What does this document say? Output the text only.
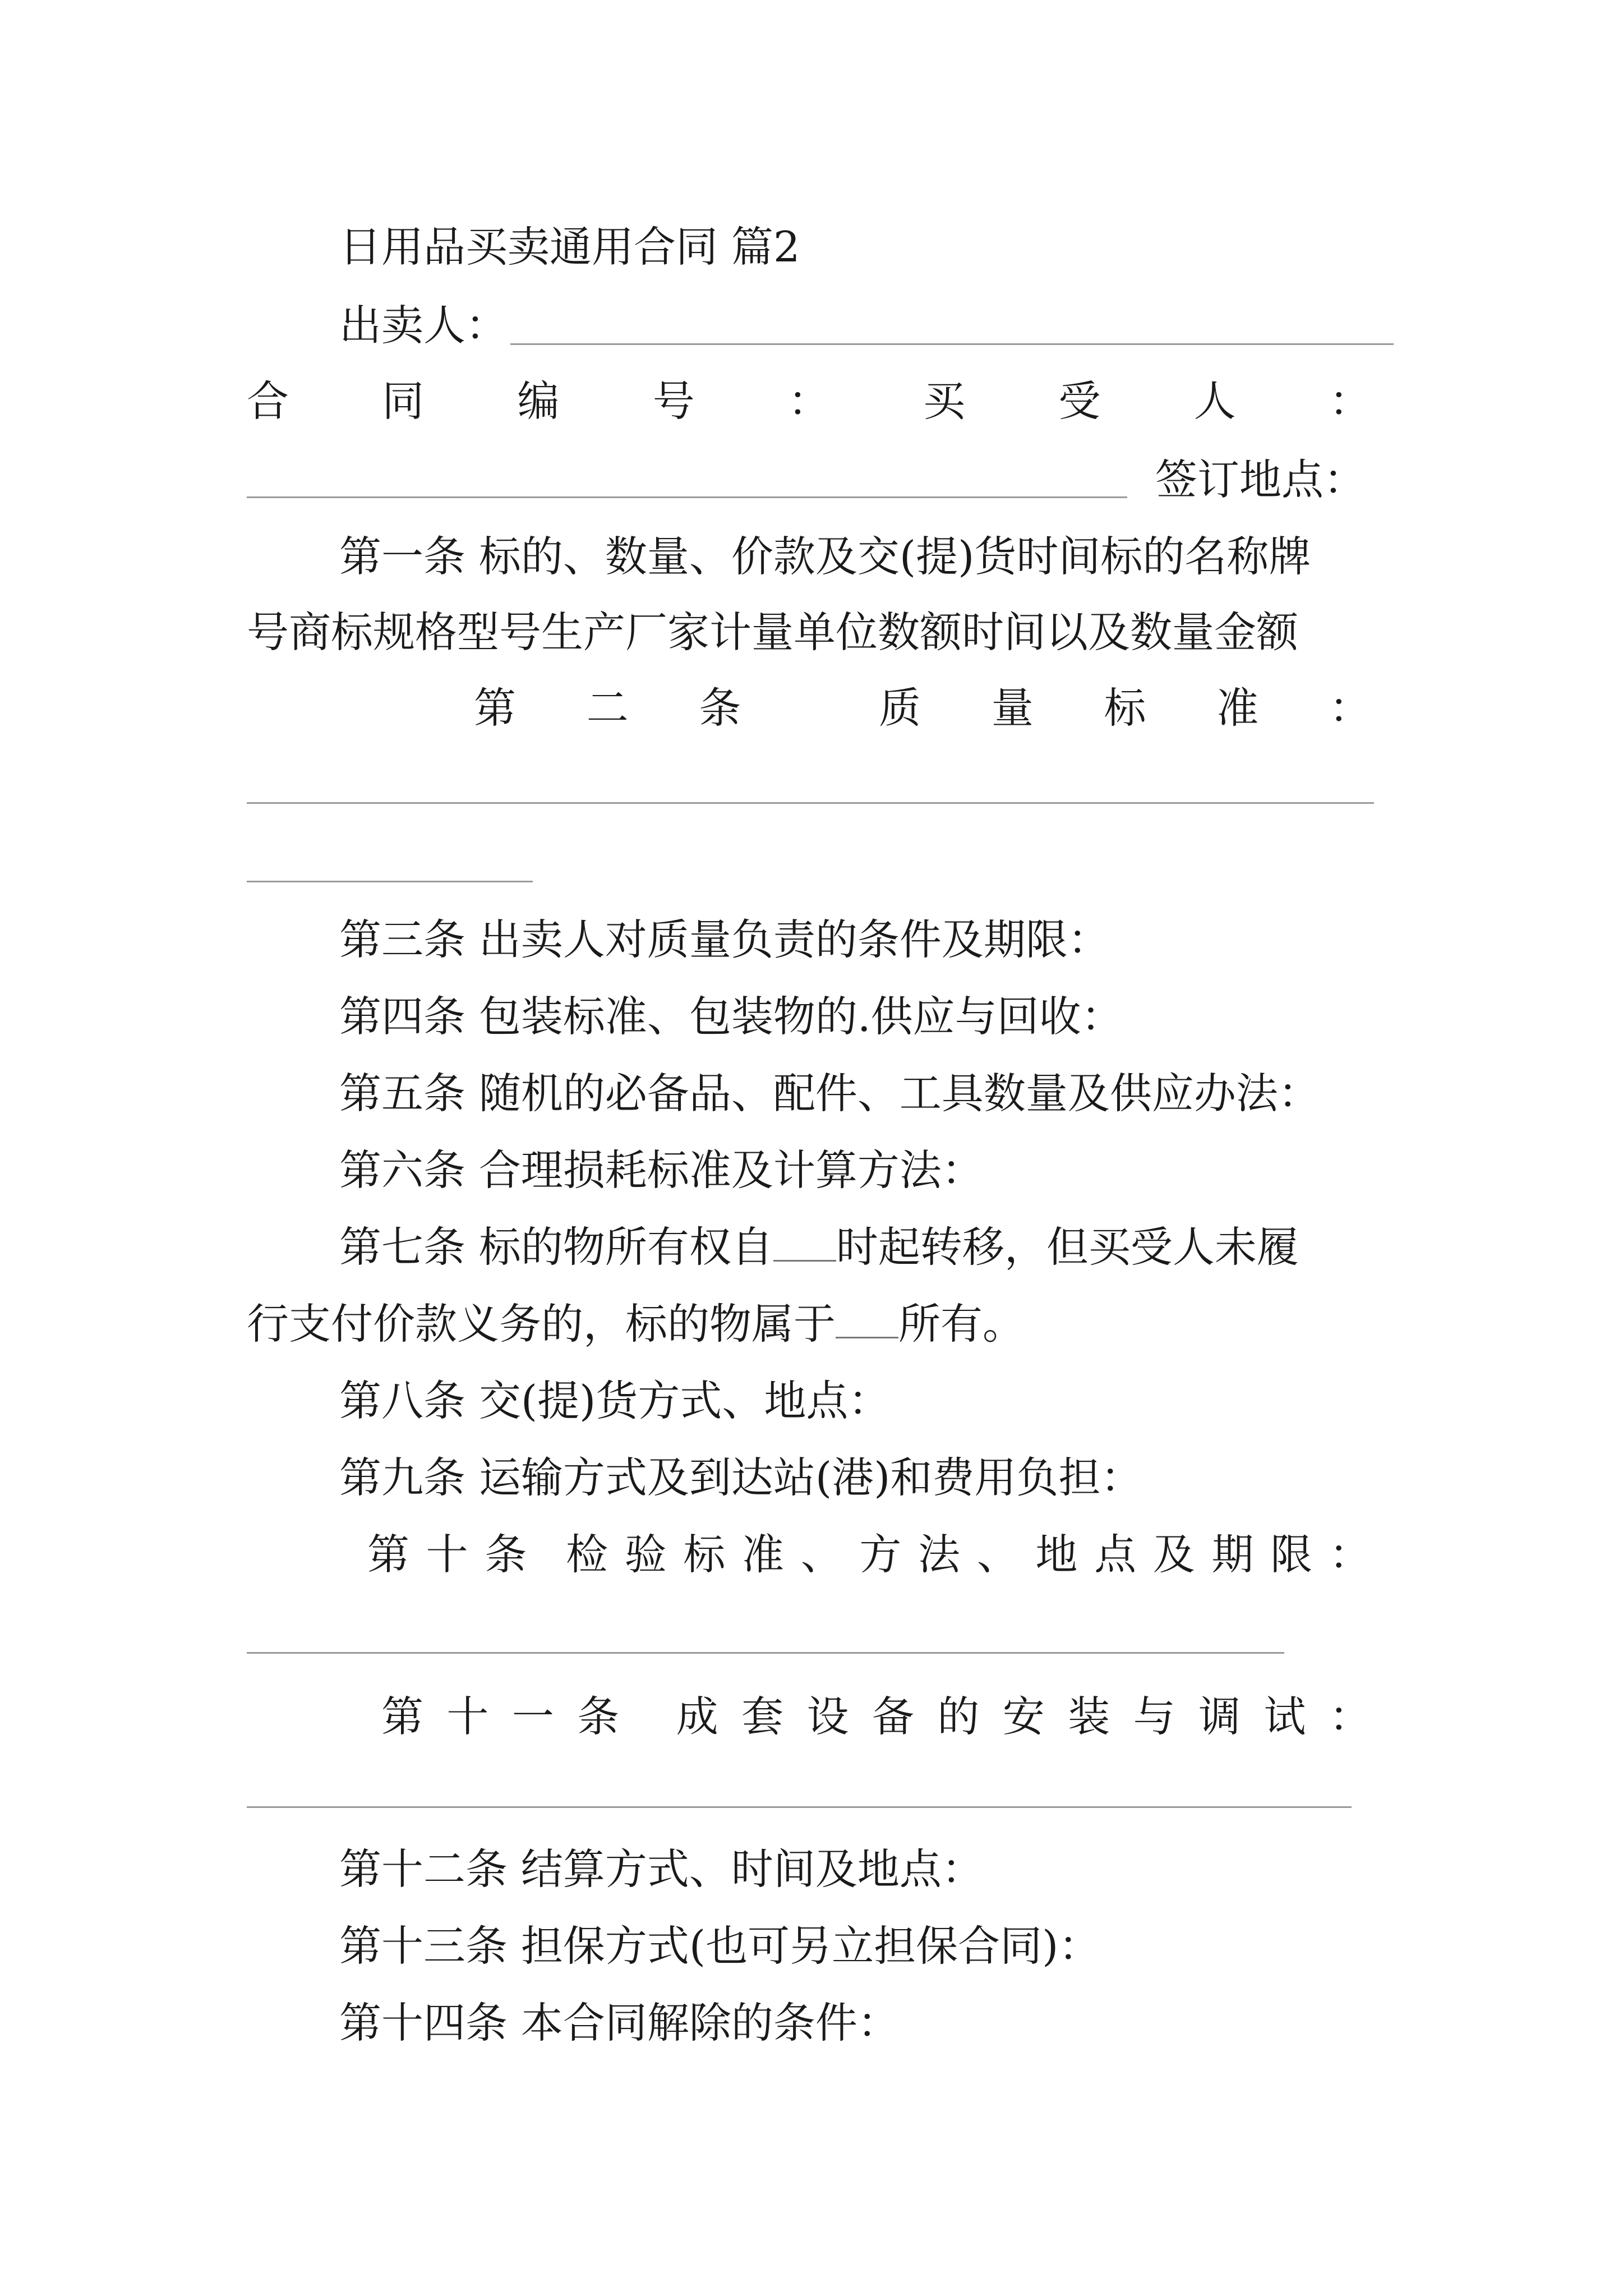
日用品买卖通用合同 篇2
出卖人：
合 同 编 号 ： 买 受 人 ：
签订地点：
第一条 标的、数量、价款及交(提)货时间标的名称牌
号商标规格型号生产厂家计量单位数额时间以及数量金额
第 二 条	质 量 标 准 ：
第三条 出卖人对质量负责的条件及期限：
第四条 包装标准、包装物的.供应与回收：
第五条 随机的必备品、配件、工具数量及供应办法：
第六条 合理损耗标准及计算方法：
第七条 标的物所有权自 时起转移，但买受人未履
行支付价款义务的，标的物属于 所有。
第八条 交(提)货方式、地点：
第九条 运输方式及到达站(港)和费用负担：
第 十 条 检 验 标 准 、 方 法 、 地 点 及 期 限 ：
第 十 一 条 成 套 设 备 的 安 装 与 调 试 ：
第十二条 结算方式、时间及地点：
第十三条 担保方式(也可另立担保合同)：
第十四条 本合同解除的条件：
